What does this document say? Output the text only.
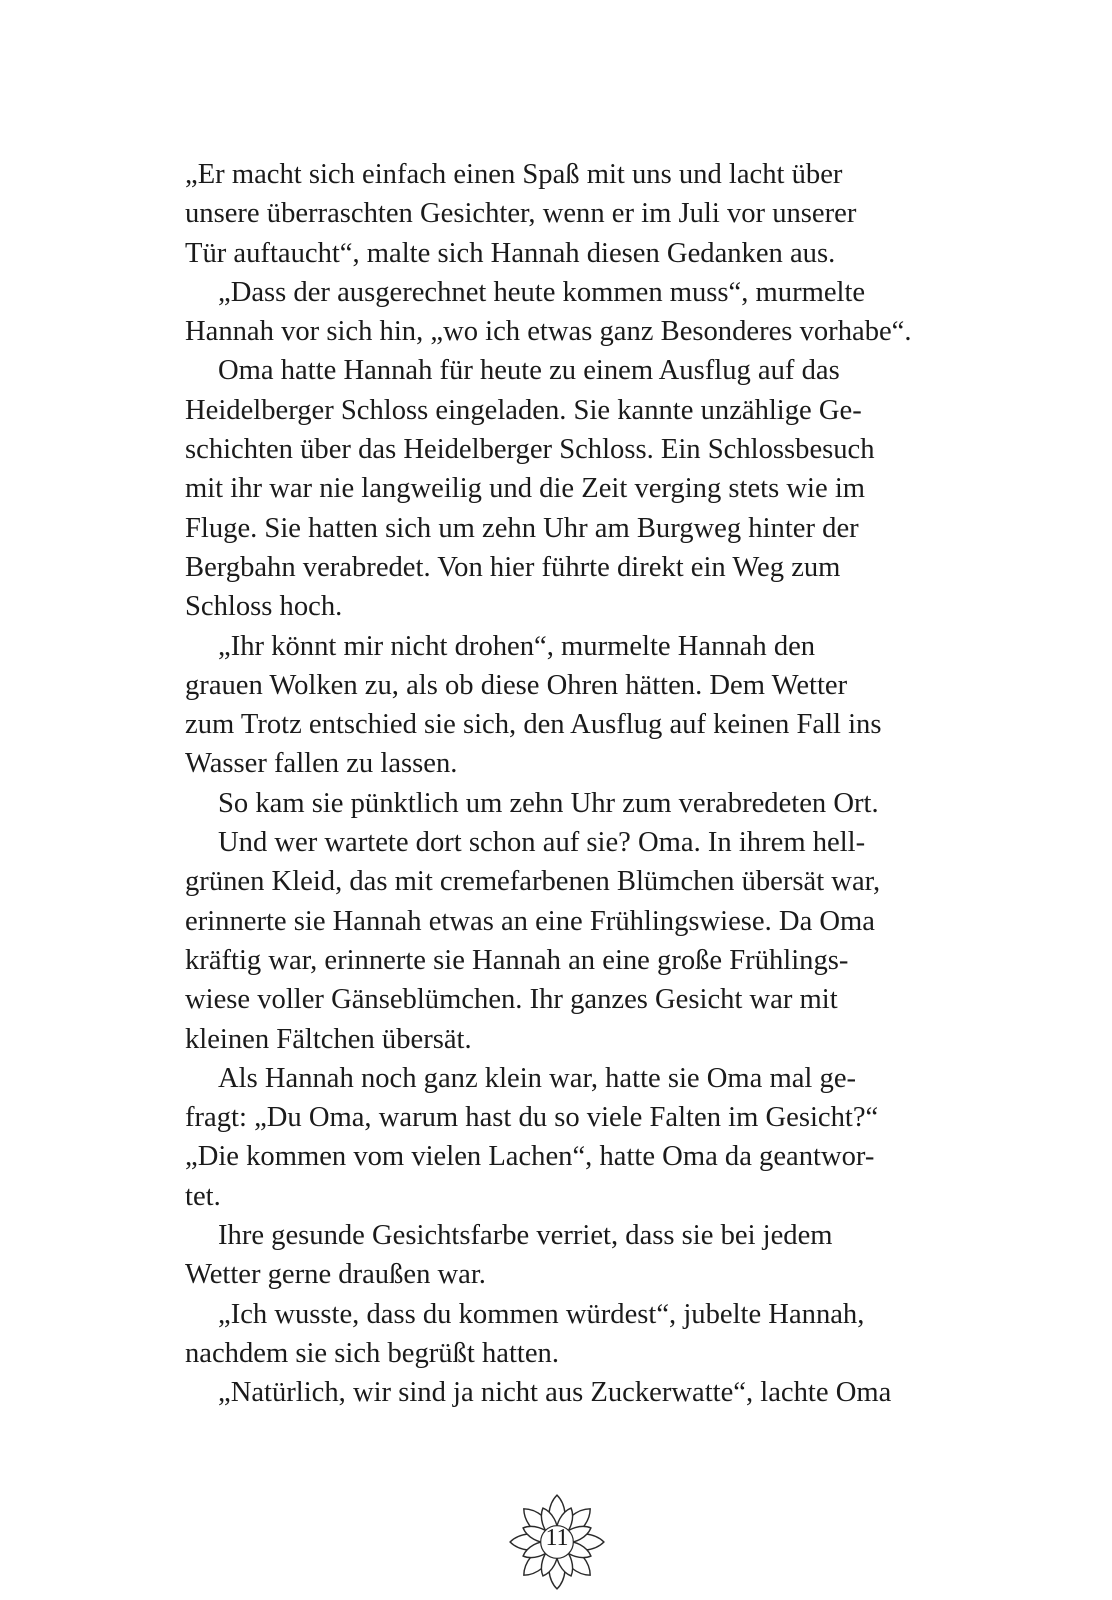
„Er macht sich einfach einen Spaß mit uns und lacht über
unsere überraschten Gesichter, wenn er im Juli vor unserer
Tür auftaucht“, malte sich Hannah diesen Gedanken aus.
„Dass der ausgerechnet heute kommen muss“, murmelte
Hannah vor sich hin, „wo ich etwas ganz Besonderes vorhabe“.
Oma hatte Hannah für heute zu einem Ausflug auf das
Heidelberger Schloss eingeladen. Sie kannte unzählige Ge-
schichten über das Heidelberger Schloss. Ein Schlossbesuch
mit ihr war nie langweilig und die Zeit verging stets wie im
Fluge. Sie hatten sich um zehn Uhr am Burgweg hinter der
Bergbahn verabredet. Von hier führte direkt ein Weg zum
Schloss hoch.
„Ihr könnt mir nicht drohen“, murmelte Hannah den
grauen Wolken zu, als ob diese Ohren hätten. Dem Wetter
zum Trotz entschied sie sich, den Ausflug auf keinen Fall ins
Wasser fallen zu lassen.
So kam sie pünktlich um zehn Uhr zum verabredeten Ort.
Und wer wartete dort schon auf sie? Oma. In ihrem hell-
grünen Kleid, das mit cremefarbenen Blümchen übersät war,
erinnerte sie Hannah etwas an eine Frühlingswiese. Da Oma
kräftig war, erinnerte sie Hannah an eine große Frühlings-
wiese voller Gänseblümchen. Ihr ganzes Gesicht war mit
kleinen Fältchen übersät.
Als Hannah noch ganz klein war, hatte sie Oma mal ge-
fragt: „Du Oma, warum hast du so viele Falten im Gesicht?“
„Die kommen vom vielen Lachen“, hatte Oma da geantwor-
tet.
Ihre gesunde Gesichtsfarbe verriet, dass sie bei jedem
Wetter gerne draußen war.
„Ich wusste, dass du kommen würdest“, jubelte Hannah,
nachdem sie sich begrüßt hatten.
„Natürlich, wir sind ja nicht aus Zuckerwatte“, lachte Oma
11
